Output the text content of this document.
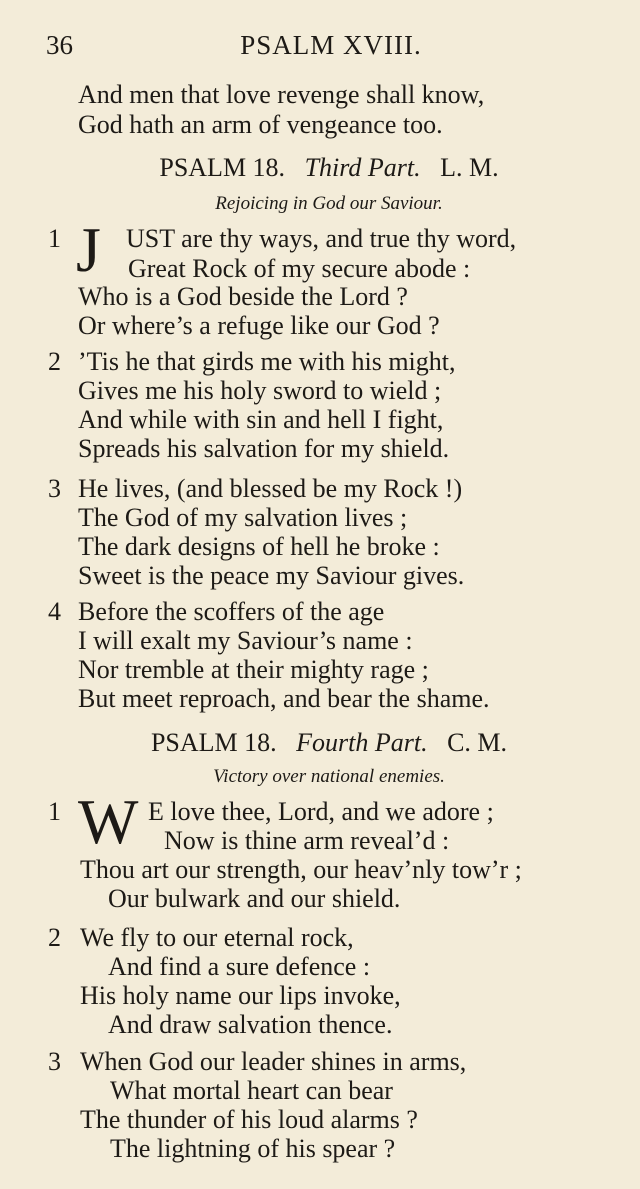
36	PSALM XVIII.
And men that love revenge shall know,
God hath an arm of vengeance too.
PSALM 18. Third Part. L. M.
Rejoicing in God our Saviour.
1 J UST are thy ways, and true thy word,
Great Rock of my secure abode :
Who is a God beside the Lord ?
Or where’s a refuge like our God ?
2 ’Tis he that girds me with his might,
Gives me his holy sword to wield ;
And while with sin and hell I fight,
Spreads his salvation for my shield.
3 He lives, (and blessed be my Rock !)
The God of my salvation lives ;
The dark designs of hell he broke :
Sweet is the peace my Saviour gives.
4 Before the scoffers of the age
I will exalt my Saviour’s name :
Nor tremble at their mighty rage ;
But meet reproach, and bear the shame.
PSALM 18. Fourth Part. C. M.
Victory over national enemies.
1 W E love thee, Lord, and we adore ;
Now is thine arm reveal’d :
Thou art our strength, our heav’nly tow’r ;
Our bulwark and our shield.
2 We fly to our eternal rock,
And find a sure defence :
His holy name our lips invoke,
And draw salvation thence.
3 When God our leader shines in arms,
What mortal heart can bear
The thunder of his loud alarms ?
The lightning of his spear ?
